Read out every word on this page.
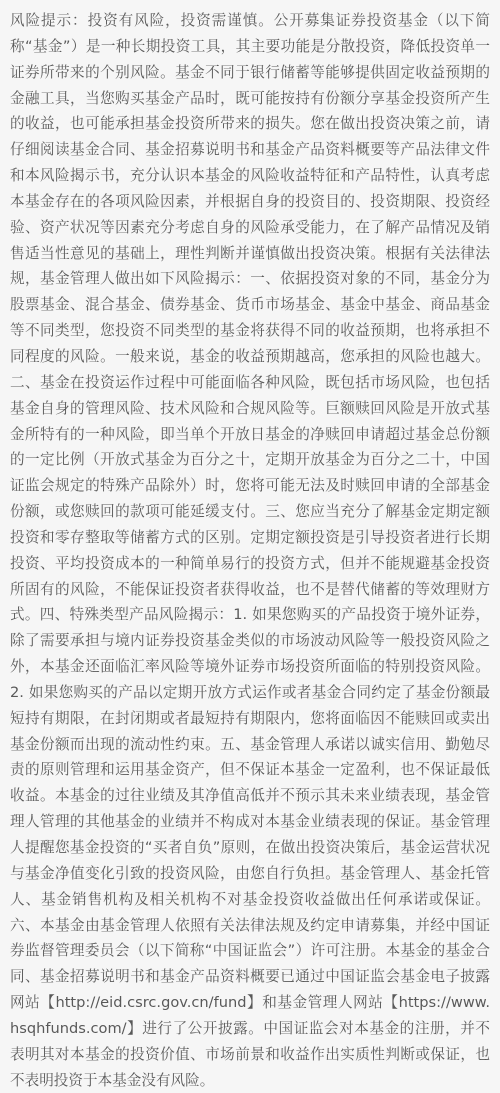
风险提示：投资有风险，投资需谨慎。公开募集证券投资基金（以下简称“基金”）是一种长期投资工具，其主要功能是分散投资，降低投资单一证券所带来的个别风险。基金不同于银行储蓄等能够提供固定收益预期的金融工具，当您购买基金产品时，既可能按持有份额分享基金投资所产生的收益，也可能承担基金投资所带来的损失。您在做出投资决策之前，请仔细阅读基金合同、基金招募说明书和基金产品资料概要等产品法律文件和本风险揭示书，充分认识本基金的风险收益特征和产品特性，认真考虑本基金存在的各项风险因素，并根据自身的投资目的、投资期限、投资经验、资产状况等因素充分考虑自身的风险承受能力，在了解产品情况及销售适当性意见的基础上，理性判断并谨慎做出投资决策。根据有关法律法规，基金管理人做出如下风险揭示：一、依据投资对象的不同，基金分为股票基金、混合基金、债券基金、货币市场基金、基金中基金、商品基金等不同类型，您投资不同类型的基金将获得不同的收益预期，也将承担不同程度的风险。一般来说，基金的收益预期越高，您承担的风险也越大。二、基金在投资运作过程中可能面临各种风险，既包括市场风险，也包括基金自身的管理风险、技术风险和合规风险等。巨额赎回风险是开放式基金所特有的一种风险，即当单个开放日基金的净赎回申请超过基金总份额的一定比例（开放式基金为百分之十，定期开放基金为百分之二十，中国证监会规定的特殊产品除外）时，您将可能无法及时赎回申请的全部基金份额，或您赎回的款项可能延缓支付。三、您应当充分了解基金定期定额投资和零存整取等储蓄方式的区别。定期定额投资是引导投资者进行长期投资、平均投资成本的一种简单易行的投资方式，但并不能规避基金投资所固有的风险，不能保证投资者获得收益，也不是替代储蓄的等效理财方式。四、特殊类型产品风险揭示：1. 如果您购买的产品投资于境外证券，除了需要承担与境内证券投资基金类似的市场波动风险等一般投资风险之外，本基金还面临汇率风险等境外证券市场投资所面临的特别投资风险。2. 如果您购买的产品以定期开放方式运作或者基金合同约定了基金份额最短持有期限，在封闭期或者最短持有期限内，您将面临因不能赎回或卖出基金份额而出现的流动性约束。五、基金管理人承诺以诚实信用、勤勉尽责的原则管理和运用基金资产，但不保证本基金一定盈利，也不保证最低收益。本基金的过往业绩及其净值高低并不预示其未来业绩表现，基金管理人管理的其他基金的业绩并不构成对本基金业绩表现的保证。基金管理人提醒您基金投资的“买者自负”原则，在做出投资决策后，基金运营状况与基金净值变化引致的投资风险，由您自行负担。基金管理人、基金托管人、基金销售机构及相关机构不对基金投资收益做出任何承诺或保证。六、本基金由基金管理人依照有关法律法规及约定申请募集，并经中国证券监督管理委员会（以下简称“中国证监会”）许可注册。本基金的基金合同、基金招募说明书和基金产品资料概要已通过中国证监会基金电子披露网站【http://eid.csrc.gov.cn/fund】和基金管理人网站【https://www.hsqhfunds.com/】进行了公开披露。中国证监会对本基金的注册，并不表明其对本基金的投资价值、市场前景和收益作出实质性判断或保证，也不表明投资于本基金没有风险。
